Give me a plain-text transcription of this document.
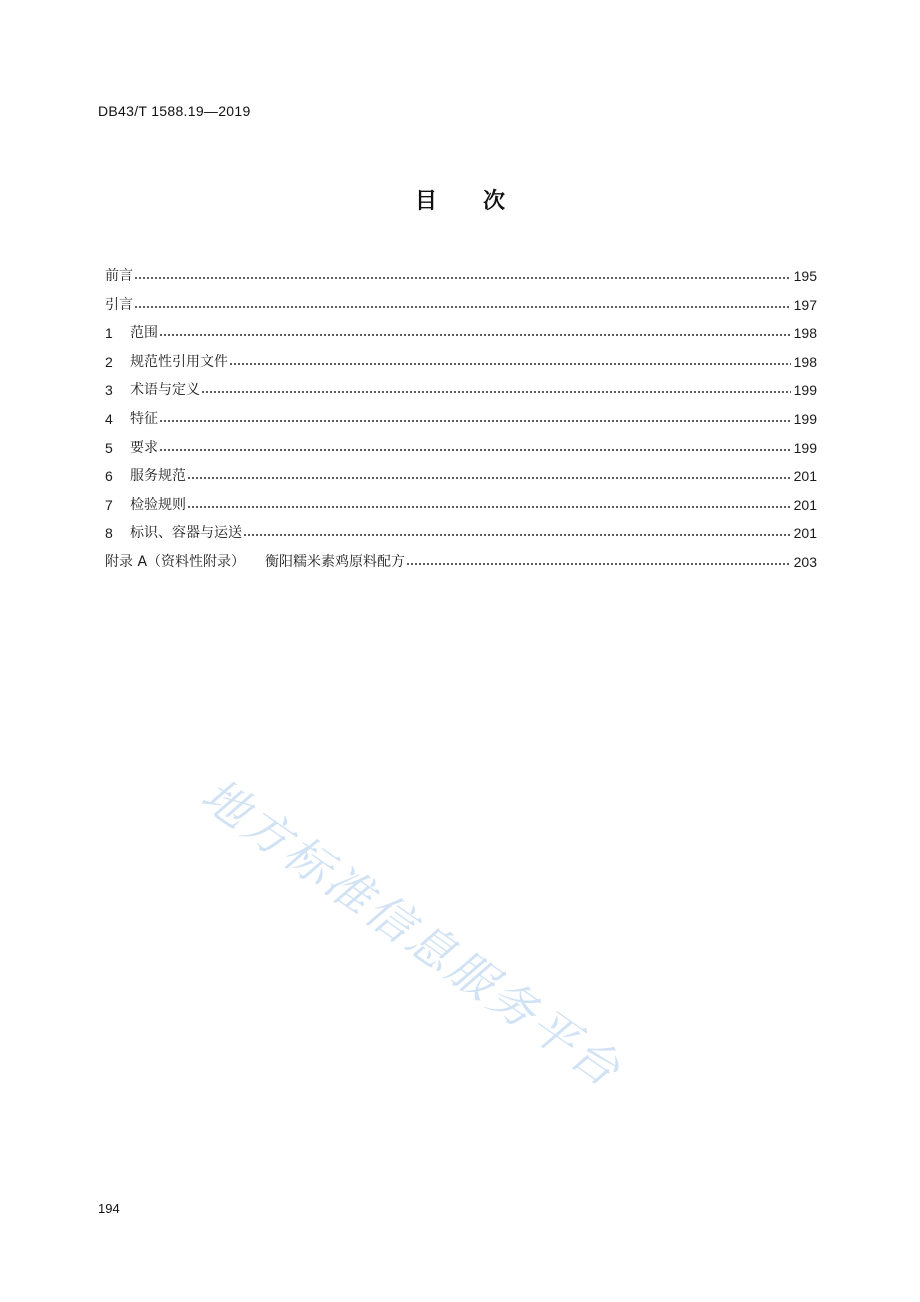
DB43/T 1588.19—2019
目 次
前言	195
引言	197
1	范围	198
2	规范性引用文件	198
3	术语与定义	199
4	特征	199
5	要求	199
6	服务规范	201
7	检验规则	201
8	标识、容器与运送	201
附录 A（资料性附录） 衡阳糯米素鸡原料配方	203
地方标准信息服务平台
194
